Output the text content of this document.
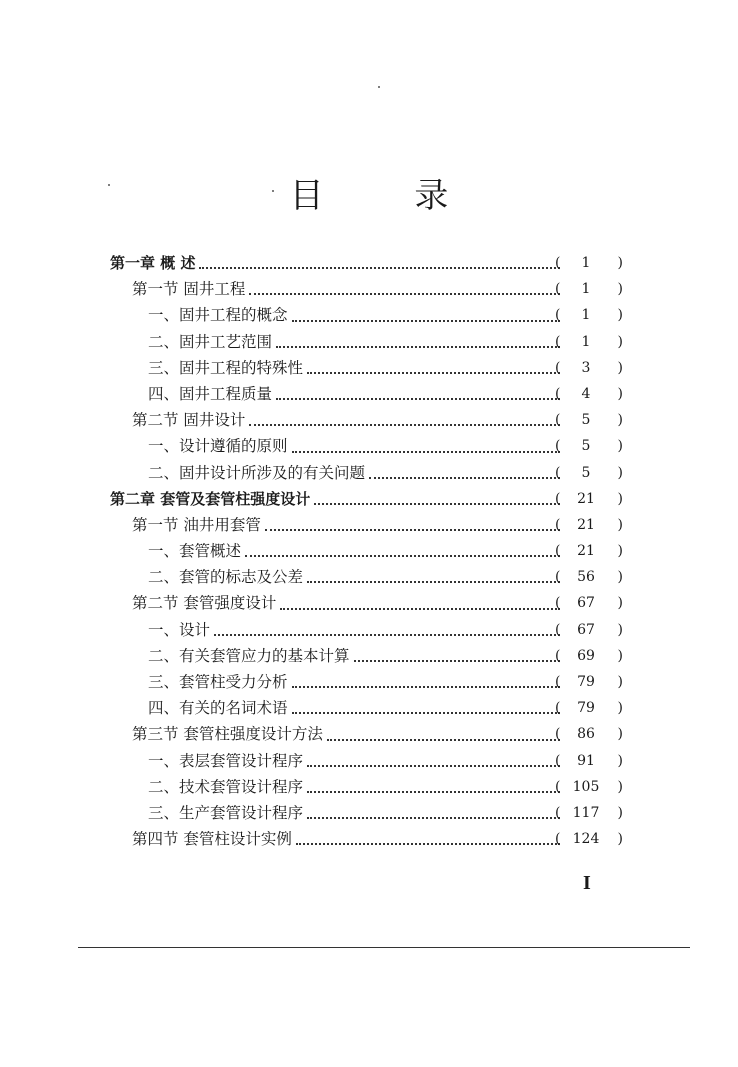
目 录
第一章 概 述	(	1	)
第一节 固井工程	(	1	)
一、固井工程的概念	(	1	)
二、固井工艺范围	(	1	)
三、固井工程的特殊性	(	3	)
四、固井工程质量	(	4	)
第二节 固井设计	(	5	)
一、设计遵循的原则	(	5	)
二、固井设计所涉及的有关问题	(	5	)
第二章 套管及套管柱强度设计	(	21	)
第一节 油井用套管	(	21	)
一、套管概述	(	21	)
二、套管的标志及公差	(	56	)
第二节 套管强度设计	(	67	)
一、设计	(	67	)
二、有关套管应力的基本计算	(	69	)
三、套管柱受力分析	(	79	)
四、有关的名词术语	(	79	)
第三节 套管柱强度设计方法	(	86	)
一、表层套管设计程序	(	91	)
二、技术套管设计程序	( 105	)
三、生产套管设计程序	( 117	)
第四节 套管柱设计实例	( 124	)
I
